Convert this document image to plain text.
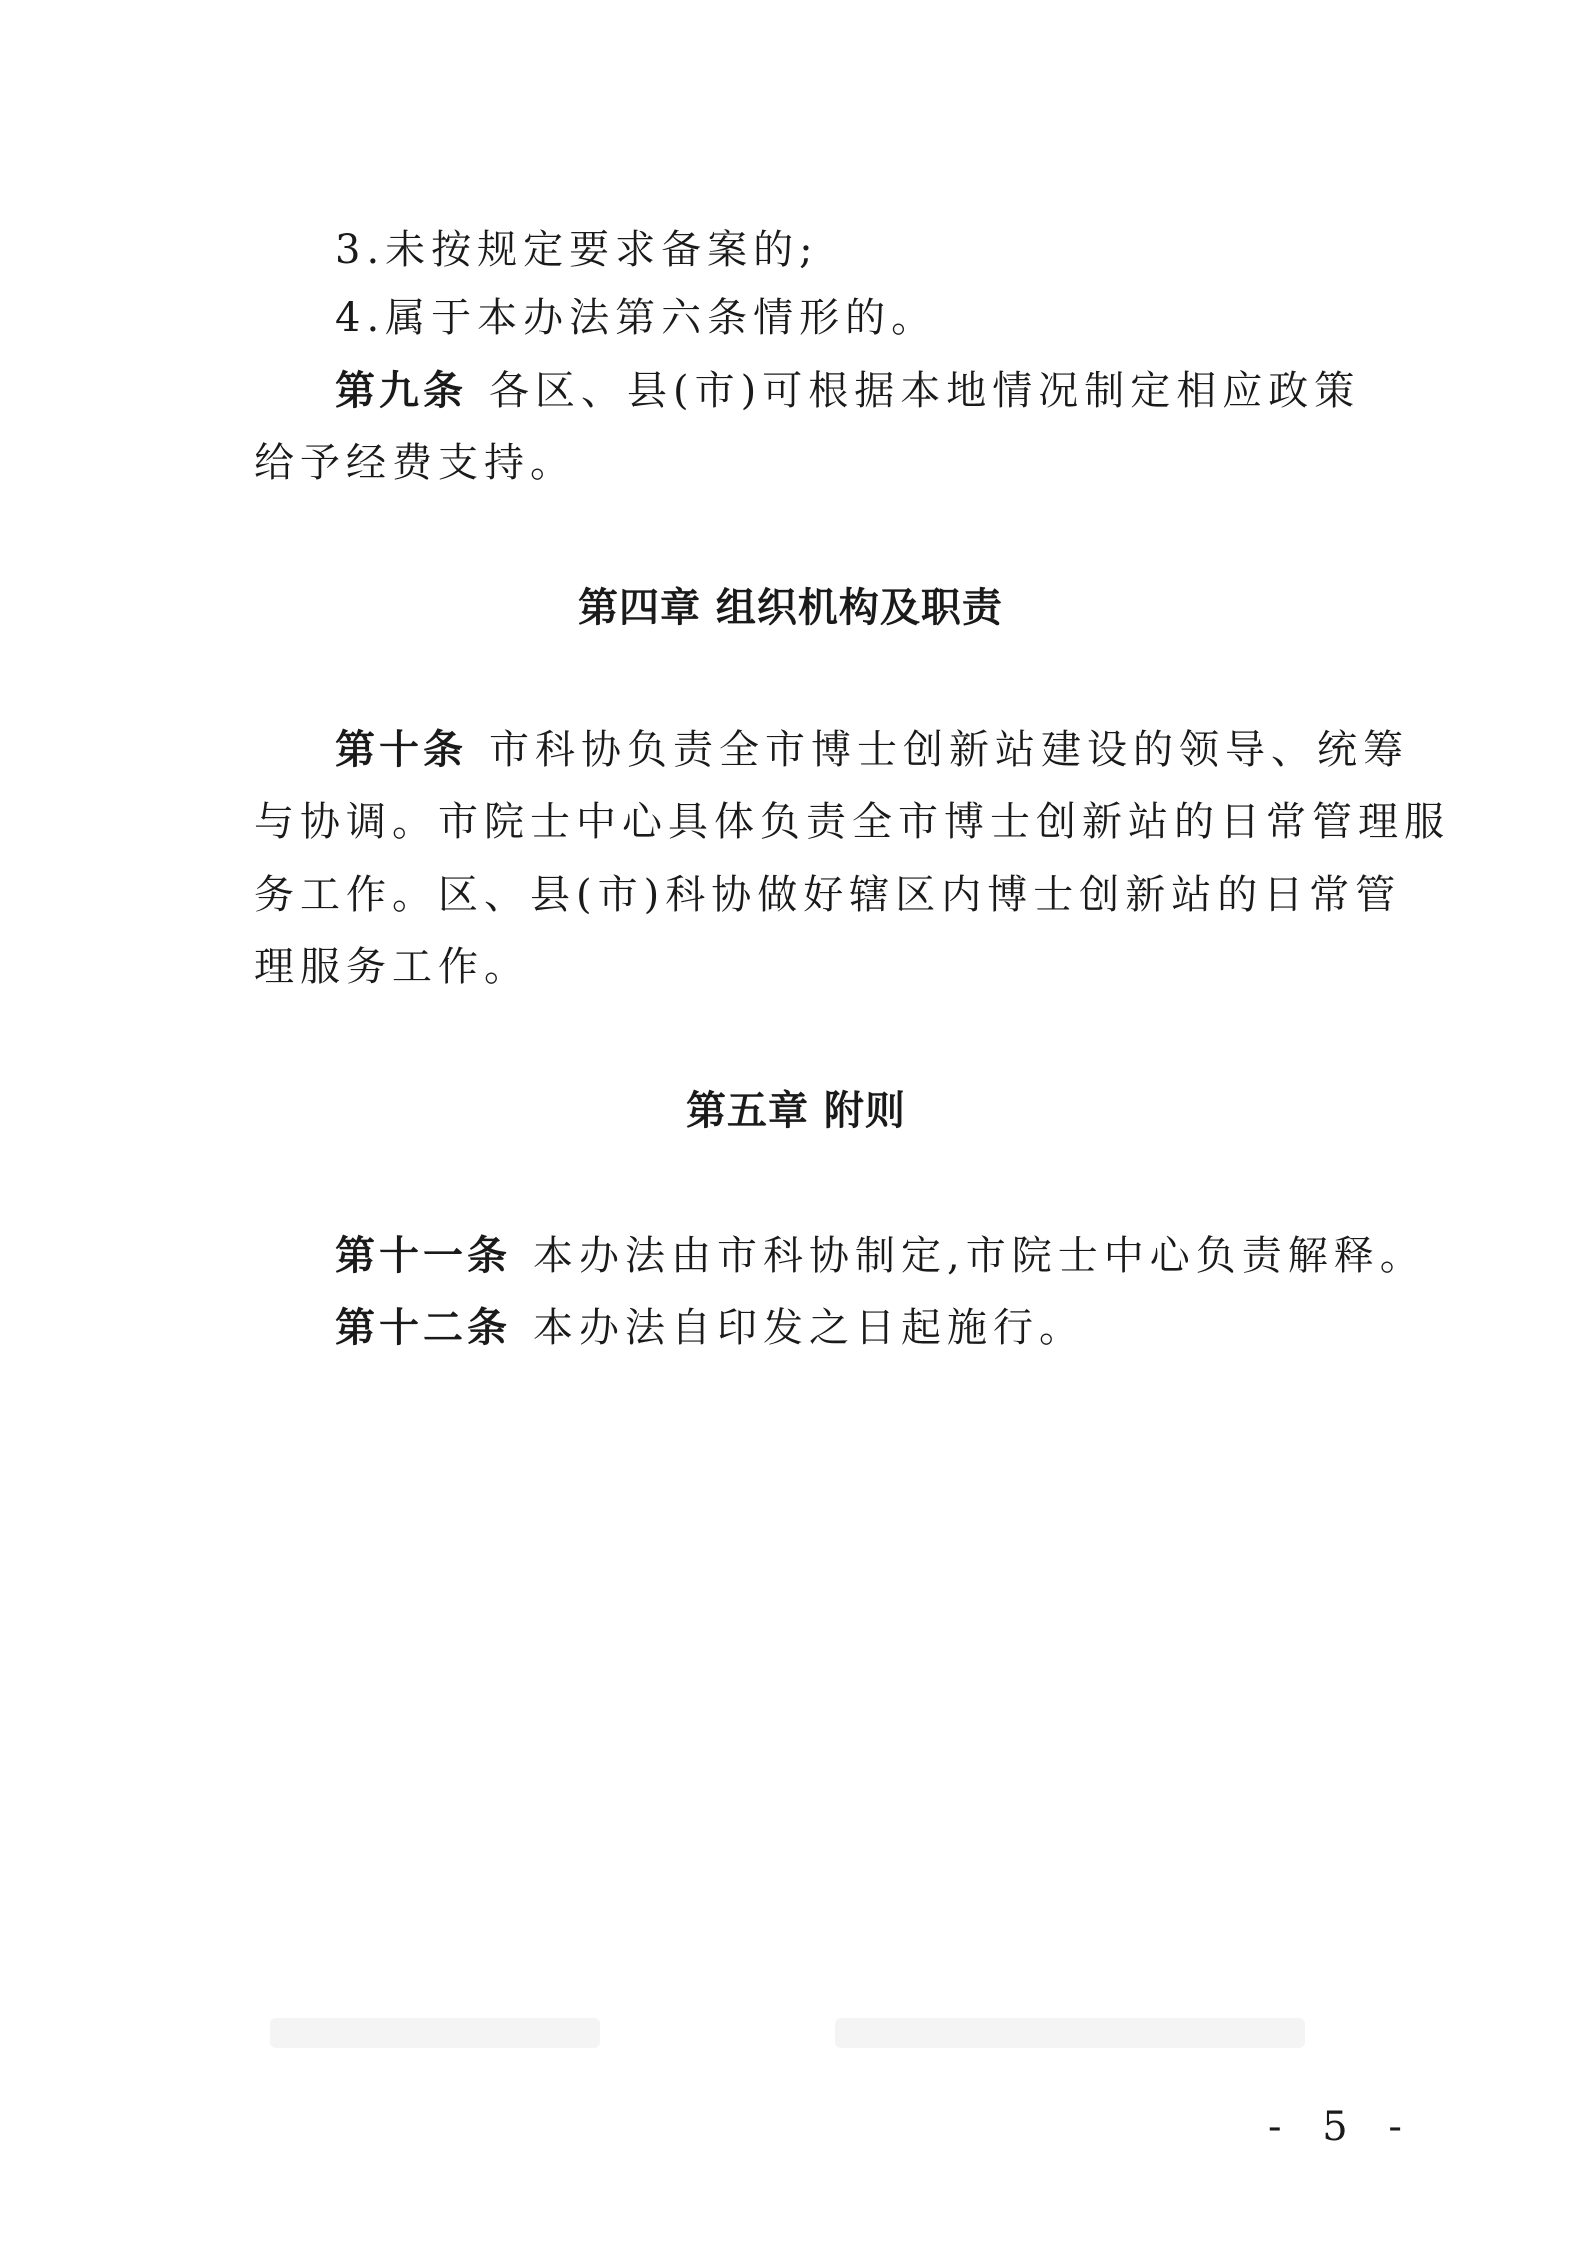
3.未按规定要求备案的;
4.属于本办法第六条情形的。
第九条 各区、县(市)可根据本地情况制定相应政策
给予经费支持。
第四章 组织机构及职责
第十条 市科协负责全市博士创新站建设的领导、统筹
与协调。市院士中心具体负责全市博士创新站的日常管理服
务工作。区、县(市)科协做好辖区内博士创新站的日常管
理服务工作。
第五章 附则
第十一条 本办法由市科协制定,市院士中心负责解释。
第十二条 本办法自印发之日起施行。
- 5 -
